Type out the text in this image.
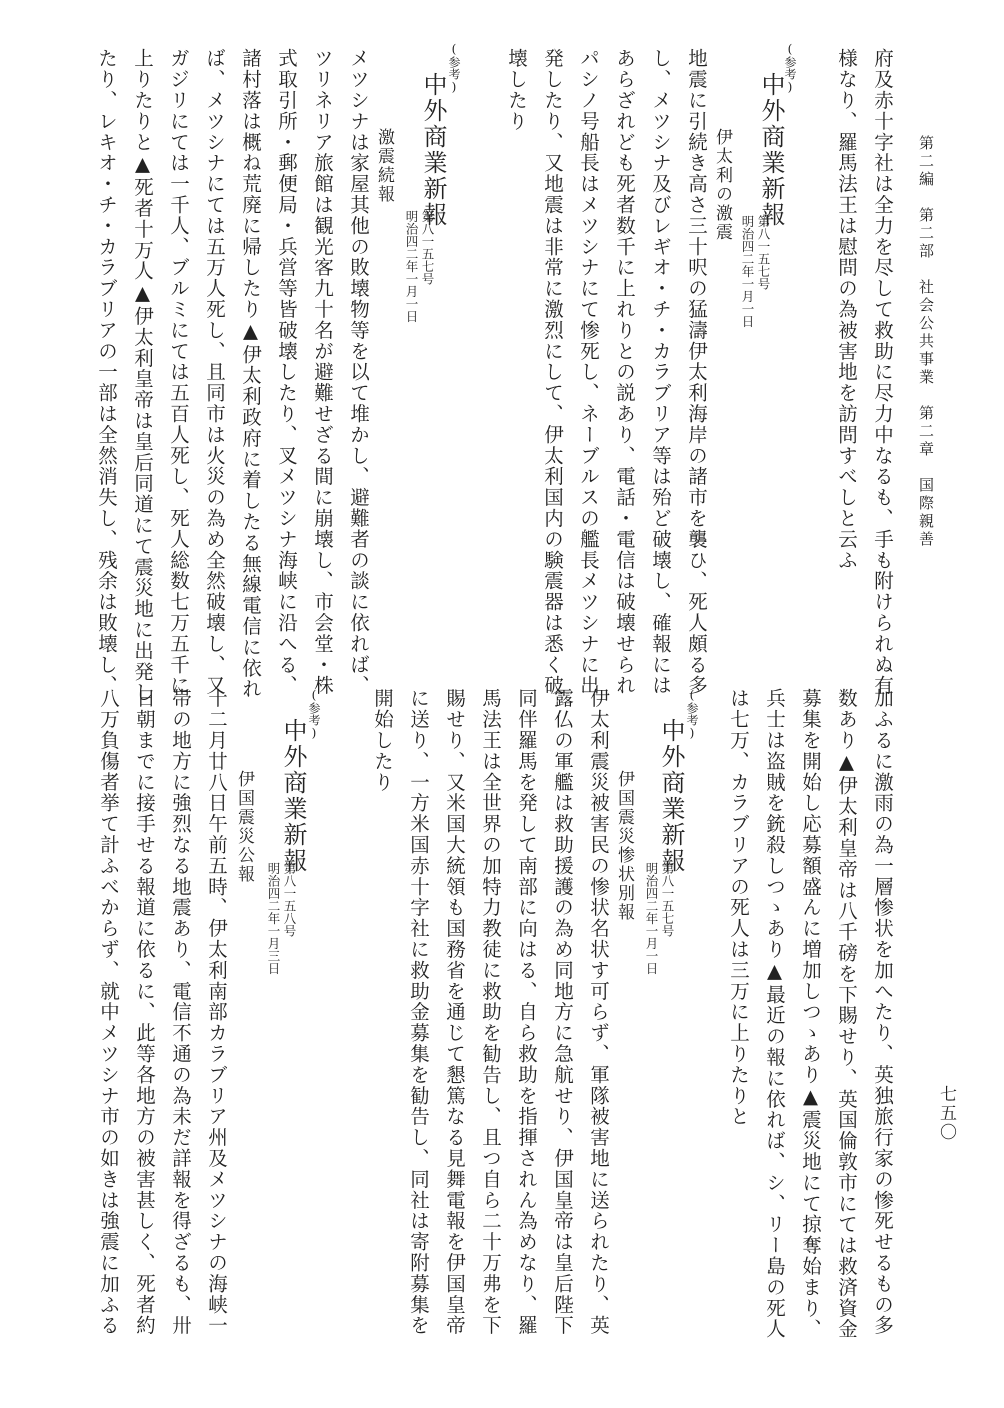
第二編　第二部　社会公共事業　第二章　国際親善
七五〇
府及赤十字社は全力を尽して救助に尽力中なるも、手も附けられぬ有
様なり、羅馬法王は慰問の為被害地を訪問すべしと云ふ
(参考)
中外商業新報
第八一五七号
明治四二年一月一日
伊太利の激震
地震に引続き高さ三十呎の猛濤伊太利海岸の諸市を襲ひ、死人頗る多
し、メツシナ及びレギオ・チ・カラブリア等は殆ど破壊し、確報には
あらざれども死者数千に上れりとの説あり、電話・電信は破壊せられ
パシノ号船長はメツシナにて惨死し、ネーブルスの艦長メツシナに出
発したり、又地震は非常に激烈にして、伊太利国内の験震器は悉く破
壊したり
(参考)
中外商業新報
第八一五七号
明治四二年一月一日
激震続報
メツシナは家屋其他の敗壊物等を以て堆かし、避難者の談に依れば、
ツリネリア旅館は観光客九十名が避難せざる間に崩壊し、市会堂・株
式取引所・郵便局・兵営等皆破壊したり、叉メツシナ海峡に沿へる、
諸村落は概ね荒廃に帰したり▲伊太利政府に着したる無線電信に依れ
ば、メツシナにては五万人死し、且同市は火災の為め全然破壊し、又
ガジリにては一千人、ブルミにては五百人死し、死人総数七万五千に
上りたりと▲死者十万人▲伊太利皇帝は皇后同道にて震災地に出発し
たり、レキオ・チ・カラブリアの一部は全然消失し、残余は敗壊し、
加ふるに激雨の為一層惨状を加へたり、英独旅行家の惨死せるもの多
数あり▲伊太利皇帝は八千磅を下賜せり、英国倫敦市にては救済資金
募集を開始し応募額盛んに増加しつゝあり▲震災地にて掠奪始まり、
兵士は盗賊を銃殺しつゝあり▲最近の報に依れば、シ、リー島の死人
は七万、カラブリアの死人は三万に上りたりと
(参考)
中外商業新報
第八一五七号
明治四二年一月一日
伊国震災惨状別報
伊太利震災被害民の惨状名状す可らず、軍隊被害地に送られたり、英
露仏の軍艦は救助援護の為め同地方に急航せり、伊国皇帝は皇后陛下
同伴羅馬を発して南部に向はる、自ら救助を指揮されん為めなり、羅
馬法王は全世界の加特力教徒に救助を勧告し、且つ自ら二十万弗を下
賜せり、又米国大統領も国務省を通じて懇篤なる見舞電報を伊国皇帝
に送り、一方米国赤十字社に救助金募集を勧告し、同社は寄附募集を
開始したり
(参考)
中外商業新報
第八一五八号
明治四二年一月三日
伊国震災公報
十二月廿八日午前五時、伊太利南部カラブリア州及メツシナの海峡一
帯の地方に強烈なる地震あり、電信不通の為未だ詳報を得ざるも、卅
日朝までに接手せる報道に依るに、此等各地方の被害甚しく、死者約
八万負傷者挙て計ふべからず、就中メツシナ市の如きは強震に加ふる
